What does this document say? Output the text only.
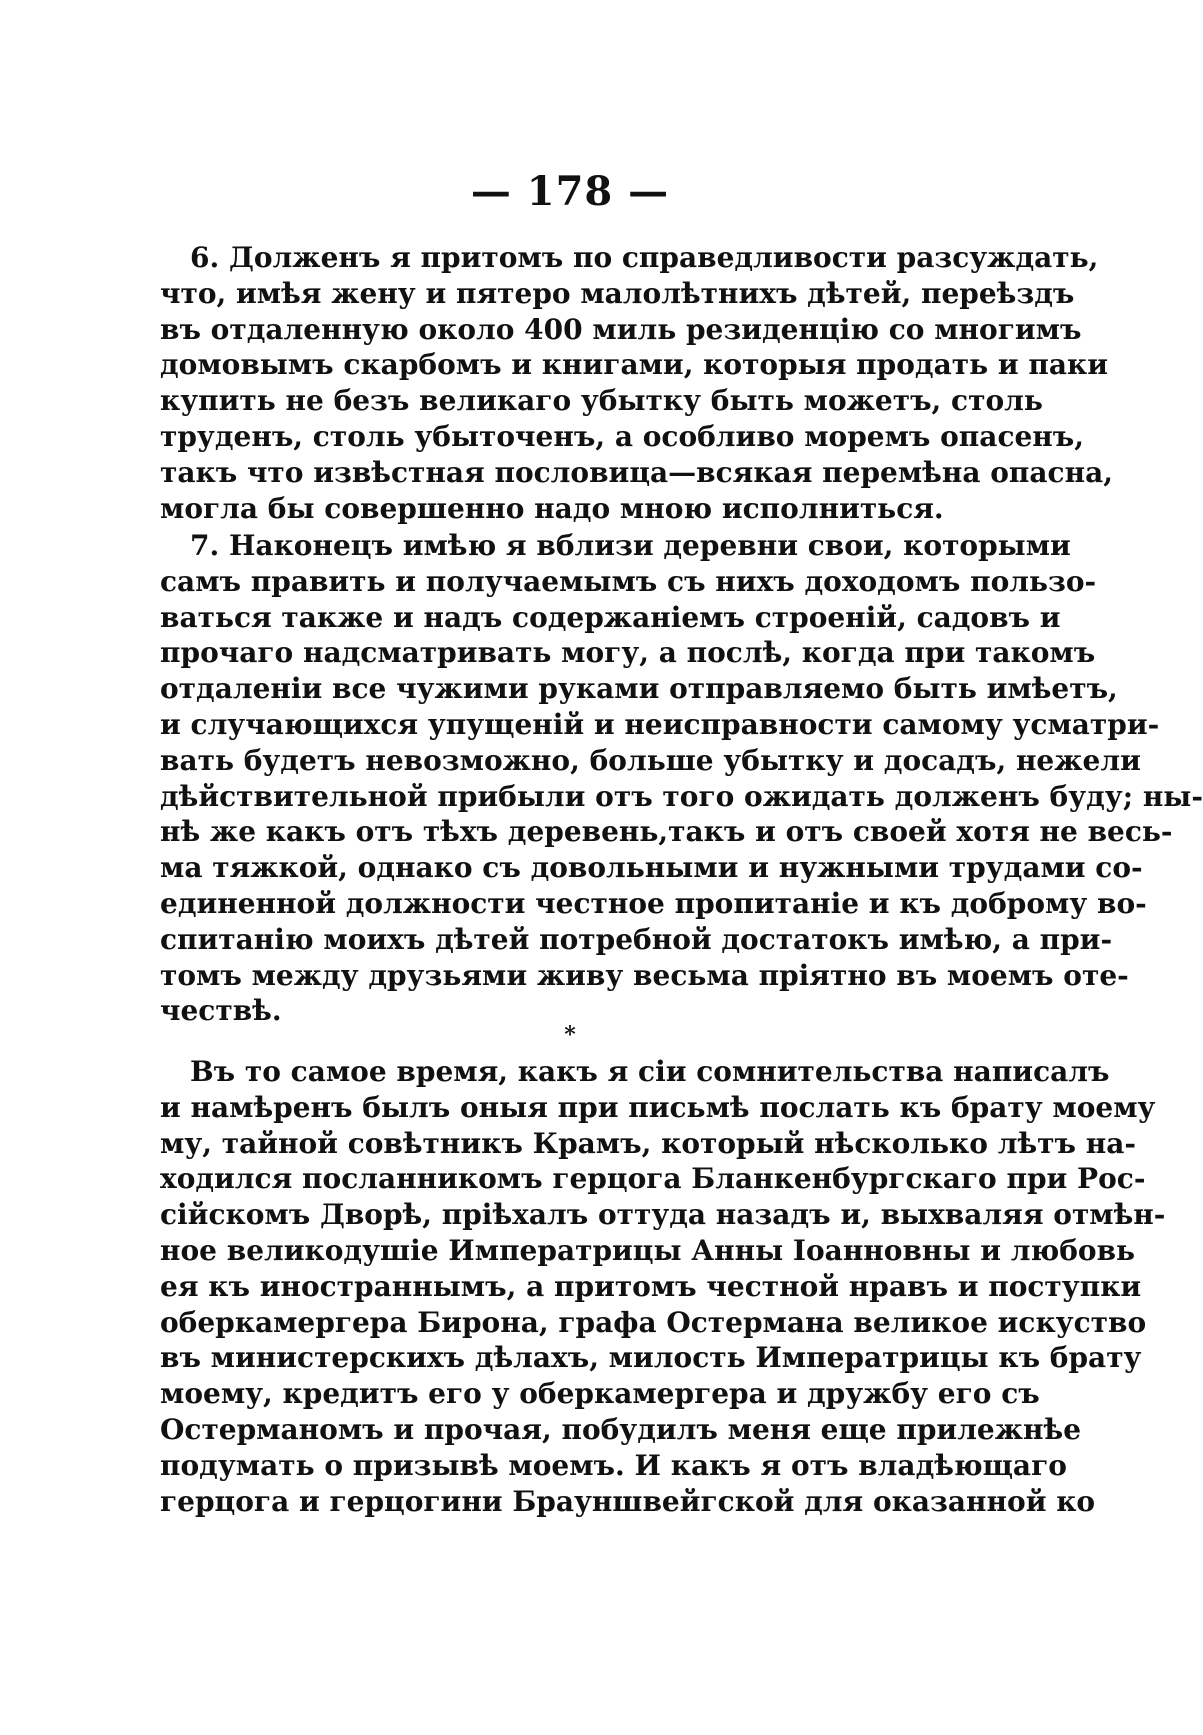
— 178 —
6. Долженъ я притомъ по справедливости разсуждать,
что, имѣя жену и пятеро малолѣтнихъ дѣтей, переѣздъ
въ отдаленную около 400 миль резиденцію со многимъ
домовымъ скарбомъ и книгами, которыя продать и паки
купить не безъ великаго убытку быть можетъ, столь
труденъ, столь убыточенъ, а особливо моремъ опасенъ,
такъ что извѣстная пословица—всякая перемѣна опасна,
могла бы совершенно надо мною исполниться.
7. Наконецъ имѣю я вблизи деревни свои, которыми
самъ править и получаемымъ съ нихъ доходомъ пользо-
ваться также и надъ содержаніемъ строеній, садовъ и
прочаго надсматривать могу, а послѣ, когда при такомъ
отдаленіи все чужими руками отправляемо быть имѣетъ,
и случающихся упущеній и неисправности самому усматри-
вать будетъ невозможно, больше убытку и досадъ, нежели
дѣйствительной прибыли отъ того ожидать долженъ буду; ны-
нѣ же какъ отъ тѣхъ деревень,такъ и отъ своей хотя не весь-
ма тяжкой, однако съ довольными и нужными трудами со-
единенной должности честное пропитаніе и къ доброму во-
спитанію моихъ дѣтей потребной достатокъ имѣю, а при-
томъ между друзьями живу весьма пріятно въ моемъ оте-
чествѣ.
*
Въ то самое время, какъ я сіи сомнительства написалъ
и намѣренъ былъ оныя при письмѣ послать къ брату моему
му, тайной совѣтникъ Крамъ, который нѣсколько лѣтъ на-
ходился посланникомъ герцога Бланкенбургскаго при Рос-
сійскомъ Дворѣ, пріѣхалъ оттуда назадъ и, выхваляя отмѣн-
ное великодушіе Императрицы Анны Іоанновны и любовь
ея къ иностраннымъ, а притомъ честной нравъ и поступки
оберкамергера Бирона, графа Остермана великое искуство
въ министерскихъ дѣлахъ, милость Императрицы къ брату
моему, кредитъ его у оберкамергера и дружбу его съ
Остерманомъ и прочая, побудилъ меня еще прилежнѣе
подумать о призывѣ моемъ. И какъ я отъ владѣющаго
герцога и герцогини Брауншвейгской для оказанной ко
